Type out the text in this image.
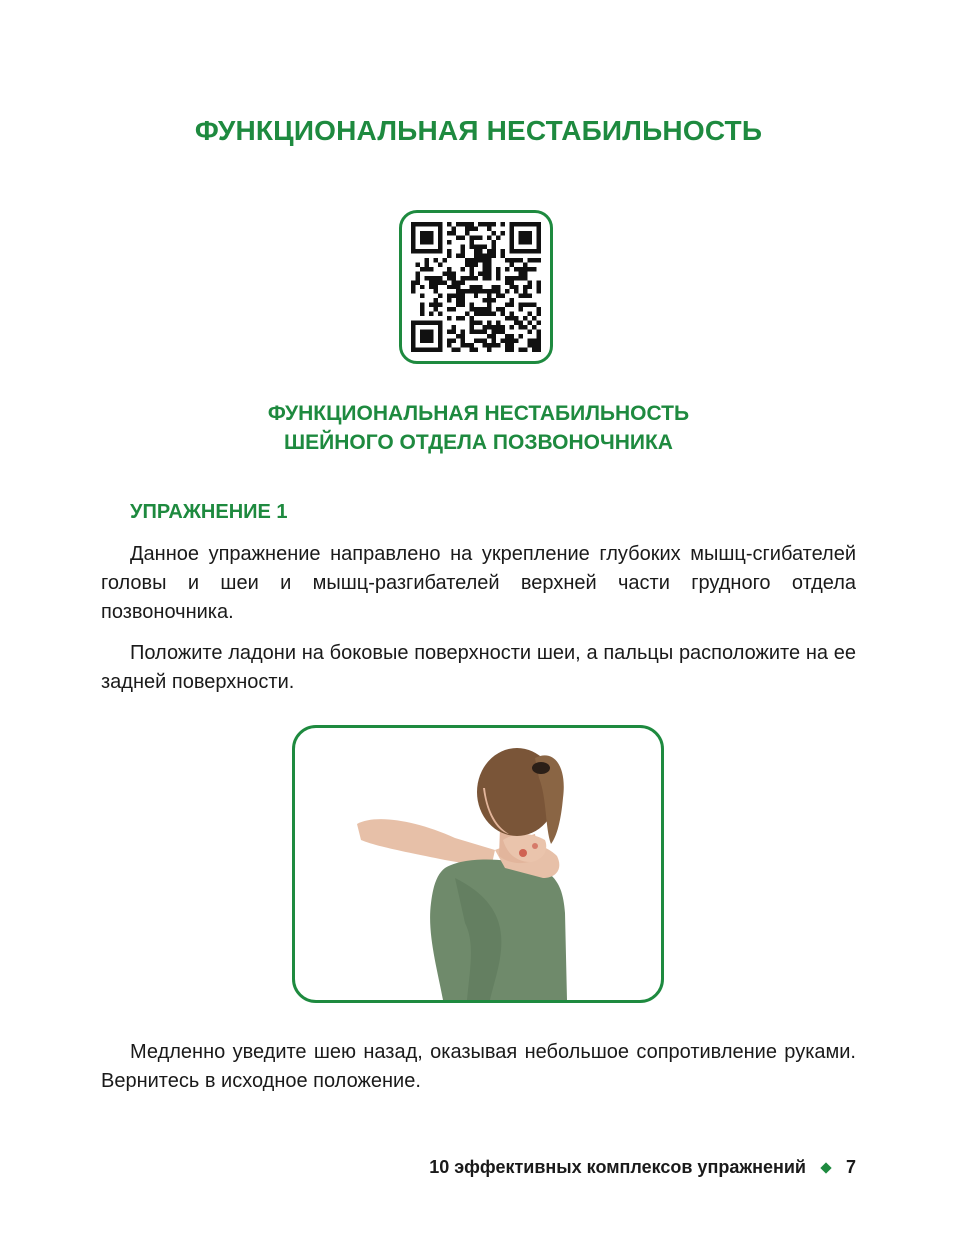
ФУНКЦИОНАЛЬНАЯ НЕСТАБИЛЬНОСТЬ
ФУНКЦИОНАЛЬНАЯ НЕСТАБИЛЬНОСТЬ
ШЕЙНОГО ОТДЕЛА ПОЗВОНОЧНИКА
УПРАЖНЕНИЕ 1

Данное упражнение направлено на укрепление глубоких мышц-сгибателей головы и шеи и мышц-разгибателей верхней части грудного отдела позвоночника.

Положите ладони на боковые поверхности шеи, а пальцы расположите на ее задней поверхности.

Медленно уведите шею назад, оказывая небольшое сопротивление руками. Вернитесь в исходное положение.

10 эффективных комплексов упражнений 7
